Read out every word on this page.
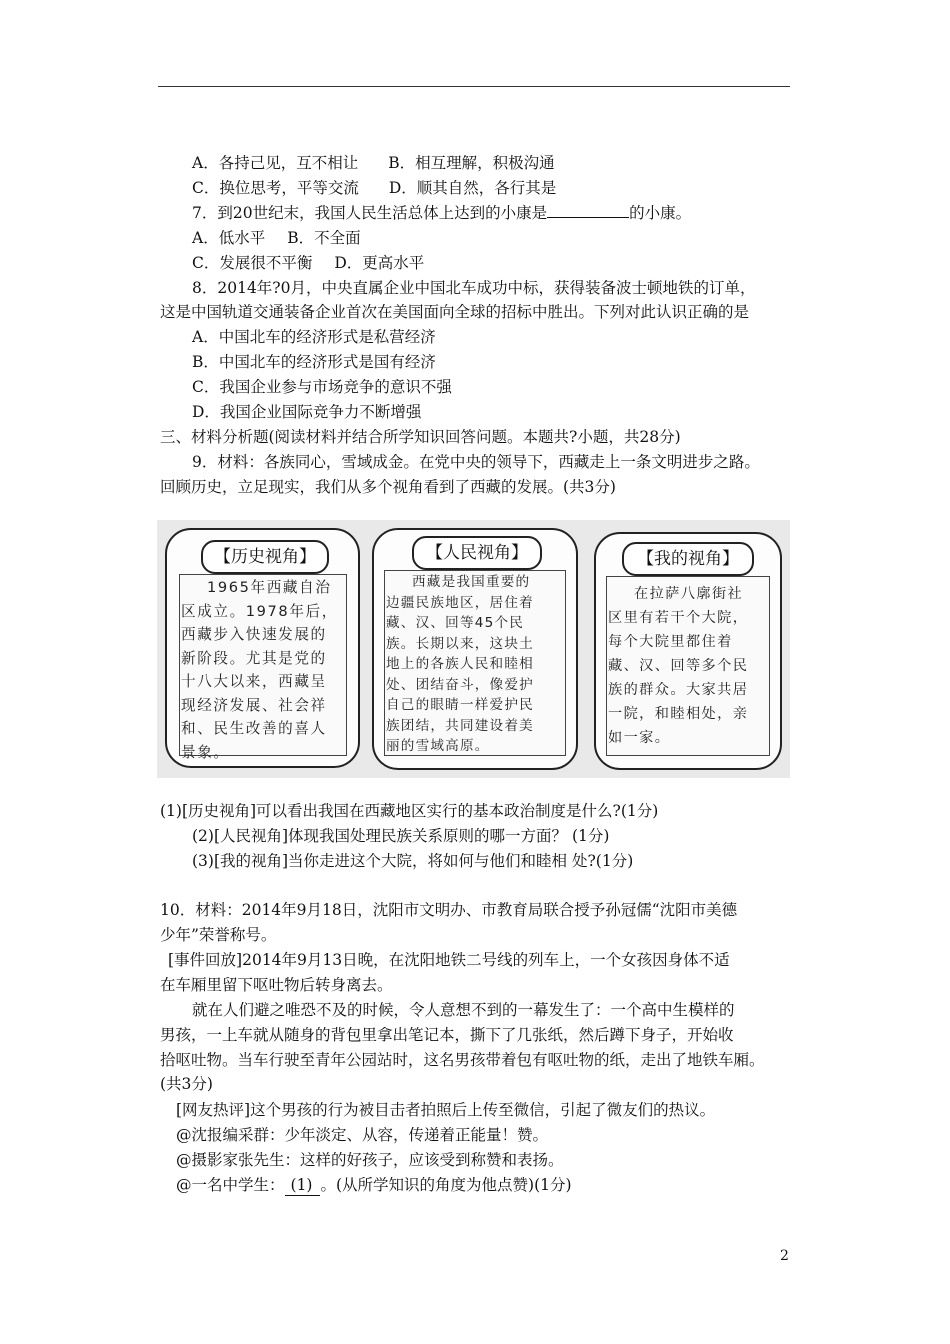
A．各持己见，互不相让 B．相互理解，积极沟通
C．换位思考，平等交流 D．顺其自然，各行其是
7．到20世纪末，我国人民生活总体上达到的小康是	的小康。
A．低水平 B．不全面
C．发展很不平衡 D．更高水平
8．2014年?0月，中央直属企业中国北车成功中标，获得装备波士顿地铁的订单，
这是中国轨道交通装备企业首次在美国面向全球的招标中胜出。下列对此认识正确的是
A．中国北车的经济形式是私营经济
B．中国北车的经济形式是国有经济
C．我国企业参与市场竞争的意识不强
D．我国企业国际竞争力不断增强
三、材料分析题(阅读材料并结合所学知识回答问题。本题共?小题，共28分)
9．材料：各族同心，雪域成金。在党中央的领导下，西藏走上一条文明进步之路。
回顾历史，立足现实，我们从多个视角看到了西藏的发展。(共3分)
【历史视角】
1965年西藏自治
区成立。1978年后，
西藏步入快速发展的
新阶段。尤其是党的
十八大以来，西藏呈
现经济发展、社会祥
和、民生改善的喜人
景象。
【人民视角】
西藏是我国重要的
边疆民族地区，居住着
藏、汉、回等45个民
族。长期以来，这块土
地上的各族人民和睦相
处、团结奋斗，像爱护
自己的眼睛一样爱护民
族团结，共同建设着美
丽的雪域高原。
【我的视角】
在拉萨八廓街社
区里有若干个大院，
每个大院里都住着
藏、汉、回等多个民
族的群众。大家共居
一院，和睦相处，亲
如一家。
(1)[历史视角]可以看出我国在西藏地区实行的基本政治制度是什么?(1分)
(2)[人民视角]体现我国处理民族关系原则的哪一方面？ (1分)
(3)[我的视角]当你走进这个大院，将如何与他们和睦相 处?(1分)
10．材料：2014年9月18日，沈阳市文明办、市教育局联合授予孙冠儒“沈阳市美德
少年”荣誉称号。
[事件回放]2014年9月13日晚，在沈阳地铁二号线的列车上，一个女孩因身体不适
在车厢里留下呕吐物后转身离去。
就在人们避之唯恐不及的时候，令人意想不到的一幕发生了：一个高中生模样的
男孩，一上车就从随身的背包里拿出笔记本，撕下了几张纸，然后蹲下身子，开始收
拾呕吐物。当车行驶至青年公园站时，这名男孩带着包有呕吐物的纸，走出了地铁车厢。
(共3分)
[网友热评]这个男孩的行为被目击者拍照后上传至微信，引起了微友们的热议。
@沈报编采群：少年淡定、从容，传递着正能量！赞。
@摄影家张先生：这样的好孩子，应该受到称赞和表扬。
@一名中学生： (1) 。(从所学知识的角度为他点赞)(1分)
2
